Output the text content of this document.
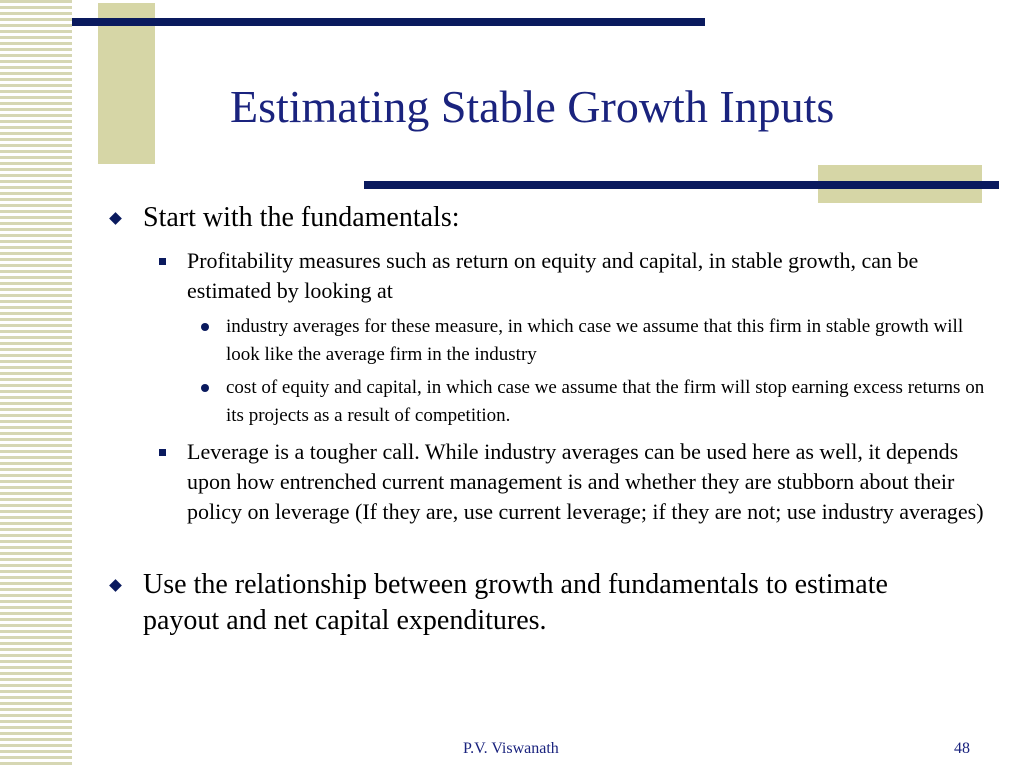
Estimating Stable Growth Inputs
Start with the fundamentals:
Profitability measures such as return on equity and capital, in stable growth, can be estimated by looking at
industry averages for these measure, in which case we assume that this firm in stable growth will look like the average firm in the industry
cost of equity and capital, in which case we assume that the firm will stop earning excess returns on its projects as a result of competition.
Leverage is a tougher call. While industry averages can be used here as well, it depends upon how entrenched current management is and whether they are stubborn about their policy on leverage (If they are, use current leverage; if they are not; use industry averages)
Use the relationship between growth and fundamentals to estimate payout and net capital expenditures.
P.V. Viswanath	48
